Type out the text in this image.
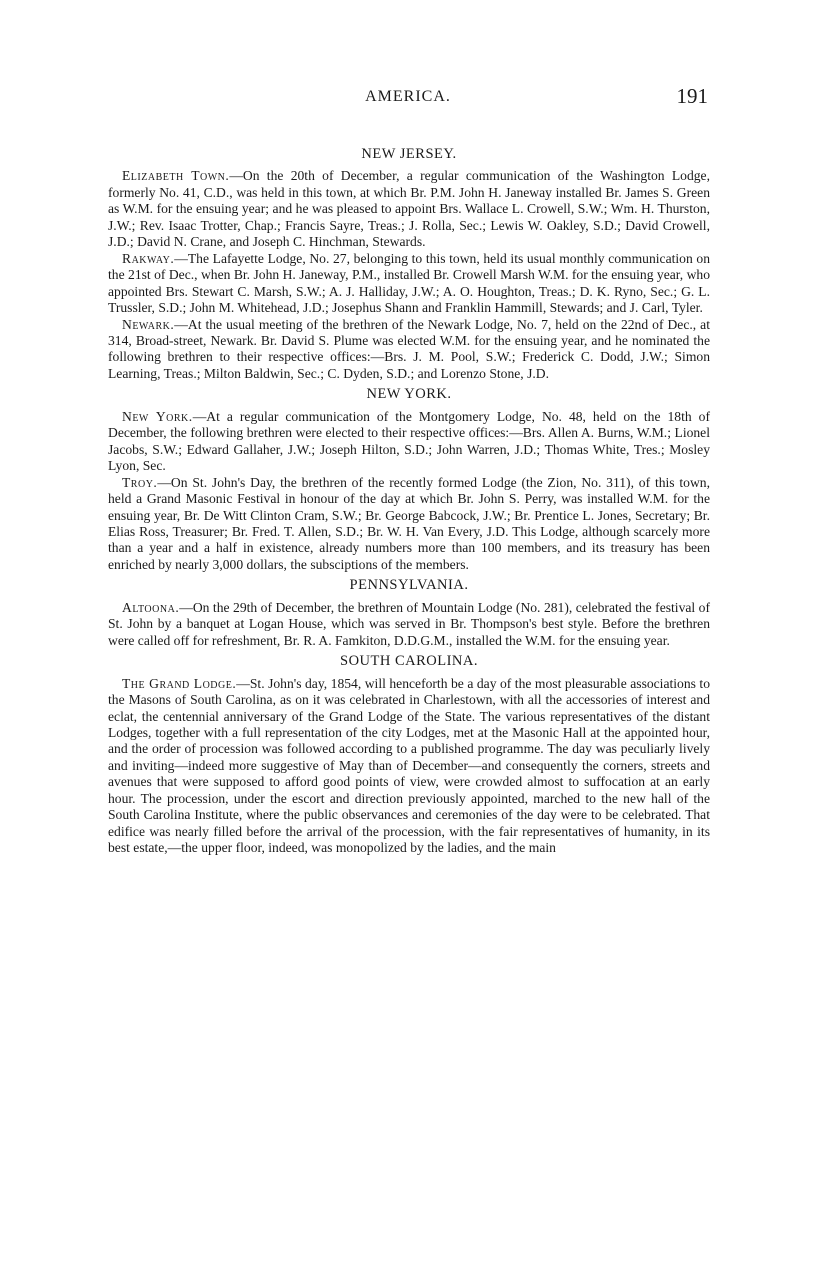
AMERICA.	191
NEW JERSEY.

Elizabeth Town.—On the 20th of December, a regular communication of the Washington Lodge, formerly No. 41, C.D., was held in this town, at which Br. P.M. John H. Janeway installed Br. James S. Green as W.M. for the ensuing year; and he was pleased to appoint Brs. Wallace L. Crowell, S.W.; Wm. H. Thurston, J.W.; Rev. Isaac Trotter, Chap.; Francis Sayre, Treas.; J. Rolla, Sec.; Lewis W. Oakley, S.D.; David Crowell, J.D.; David N. Crane, and Joseph C. Hinchman, Stewards.

Rakway.—The Lafayette Lodge, No. 27, belonging to this town, held its usual monthly communication on the 21st of Dec., when Br. John H. Janeway, P.M., installed Br. Crowell Marsh W.M. for the ensuing year, who appointed Brs. Stewart C. Marsh, S.W.; A. J. Halliday, J.W.; A. O. Houghton, Treas.; D. K. Ryno, Sec.; G. L. Trussler, S.D.; John M. Whitehead, J.D.; Josephus Shann and Franklin Hammill, Stewards; and J. Carl, Tyler.

Newark.—At the usual meeting of the brethren of the Newark Lodge, No. 7, held on the 22nd of Dec., at 314, Broad-street, Newark. Br. David S. Plume was elected W.M. for the ensuing year, and he nominated the following brethren to their respective offices:—Brs. J. M. Pool, S.W.; Frederick C. Dodd, J.W.; Simon Learning, Treas.; Milton Baldwin, Sec.; C. Dyden, S.D.; and Lorenzo Stone, J.D.

NEW YORK.

New York.—At a regular communication of the Montgomery Lodge, No. 48, held on the 18th of December, the following brethren were elected to their respective offices:—Brs. Allen A. Burns, W.M.; Lionel Jacobs, S.W.; Edward Gallaher, J.W.; Joseph Hilton, S.D.; John Warren, J.D.; Thomas White, Tres.; Mosley Lyon, Sec.

Troy.—On St. John's Day, the brethren of the recently formed Lodge (the Zion, No. 311), of this town, held a Grand Masonic Festival in honour of the day at which Br. John S. Perry, was installed W.M. for the ensuing year, Br. De Witt Clinton Cram, S.W.; Br. George Babcock, J.W.; Br. Prentice L. Jones, Secretary; Br. Elias Ross, Treasurer; Br. Fred. T. Allen, S.D.; Br. W. H. Van Every, J.D. This Lodge, although scarcely more than a year and a half in existence, already numbers more than 100 members, and its treasury has been enriched by nearly 3,000 dollars, the subsciptions of the members.

PENNSYLVANIA.

Altoona.—On the 29th of December, the brethren of Mountain Lodge (No. 281), celebrated the festival of St. John by a banquet at Logan House, which was served in Br. Thompson's best style. Before the brethren were called off for refreshment, Br. R. A. Famkiton, D.D.G.M., installed the W.M. for the ensuing year.

SOUTH CAROLINA.

The Grand Lodge.—St. John's day, 1854, will henceforth be a day of the most pleasurable associations to the Masons of South Carolina, as on it was celebrated in Charlestown, with all the accessories of interest and eclat, the centennial anniversary of the Grand Lodge of the State. The various representatives of the distant Lodges, together with a full representation of the city Lodges, met at the Masonic Hall at the appointed hour, and the order of procession was followed according to a published programme. The day was peculiarly lively and inviting—indeed more suggestive of May than of December—and consequently the corners, streets and avenues that were supposed to afford good points of view, were crowded almost to suffocation at an early hour. The procession, under the escort and direction previously appointed, marched to the new hall of the South Carolina Institute, where the public observances and ceremonies of the day were to be celebrated. That edifice was nearly filled before the arrival of the procession, with the fair representatives of humanity, in its best estate,—the upper floor, indeed, was monopolized by the ladies, and the main
